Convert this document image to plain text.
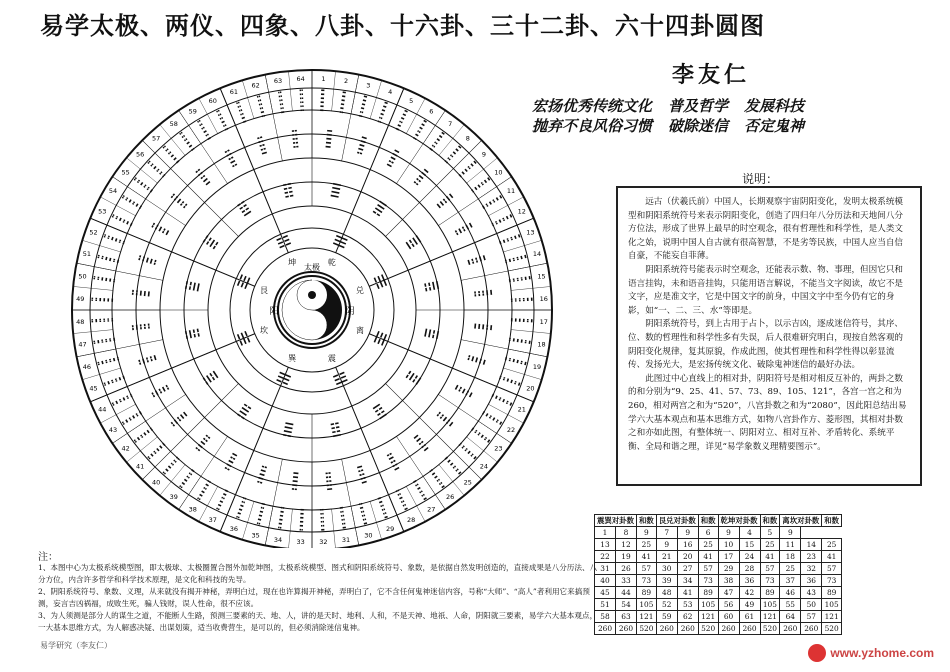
易学太极、两仪、四象、八卦、十六卦、三十二卦、六十四卦圆图
李友仁
宏扬优秀传统文化 普及哲学 发展科技
抛弃不良风俗习惯 破除迷信 否定鬼神
说明：

远古（伏羲氏前）中国人，长期观察宇宙阴阳变化，发明太极系统模型和阴阳系统符号来表示阴阳变化，创造了四归年八分历法和天地间八分方位法，形成了世界上最早的时空观念，很有哲理性和科学性，是人类文化之始，说明中国人自古就有很高智慧，不是劣等民族，中国人应当自信自豪，不能妄自菲薄。

阴阳系统符号能表示时空观念，还能表示数、物、事理，但因它只和语言挂钩，未和语音挂钩，只能用语言解说，不能当文字阅读，故它不是文字，应是准文字，它是中国文字的前身，中国文字中至今仍有它的身影，如“一、二、三、水”等即是。

阴阳系统符号，到上古用于占卜，以示吉凶，逐成迷信符号，其序、位、数的哲理性和科学性多有失误，后人很难研究明白，现按自然客观的阴阳变化规律，复其原貌，作成此图，使其哲理性和科学性得以彰显流传、发扬光大，是宏扬传统文化、破除鬼神迷信的最好办法。

此图过中心直线上的相对卦，阴阳符号是相对相反互补的，两卦之数的和分别为“9、25、41、57、73、89、105、121”，各宫一宫之和为260，相对两宫之和为“520”，八宫卦数之和为“2080”，因此阳总结出易学六大基本观点和基本思维方式，如物八宫卦作方、菱形图，其相对卦数之和亦如此图，有整体统一、阴阳对立、相对互补、矛盾转化、系统平衡、全局和谐之理，详见“易学象数义理精要图示”。

1	2
3
4
5
6
7
8
9
10
11
12
13
14
15
16
17
18
19
20
21
22
23
24
25
26
27
28
29
30
31
32
33
34
35
36
37
38
39
40
41
42
43
44
45
46
47
48
49
50
51
52
53
54
55
56
57
58
59
60
61
62
63 64
乾
兑
离
震
巽
坎
艮
坤
太极
阳	阴
注：

1、本图中心为太极系统模型图，即太极球、太极圈置合图外加乾坤图，太极系统模型、图式和阴阳系统符号、象数，是依据自然发明创造的，直接成果是八分历法、八分方位，内含许多哲学和科学技术原理，是文化和科技的先导。

2、阴阳系统符号、象数、义理，从来就没有揭开神秘，弄明白过，现在也许算揭开神秘，弄明白了，它不含任何鬼神迷信内容，号称“大师”、“高人”者利用它来搞预测，妄言吉凶祸福，成败生死，骗人钱财，误人性命，很不应该。

3、为人须测是部分人的谋生之道，不能断人生路，预测三要素的天、地、人，讲的是天时、地利、人和，不是天神、地祇、人命，阴阳就三要素，易学六大基本观点，一大基本思维方式，为人解惑决疑、出谋划策，适当收费营生，是可以的，但必须消除迷信鬼神。

震巽对卦数		和数	艮兑对卦数		和数	乾坤对卦数		和数	离坎对卦数		和数
1	8	9	7	9	6	9	4	5	9		
13	12	25	9	16	25	10	15	25	11	14	25
22	19	41	21	20	41	17	24	41	18	23	41
31	26	57	30	27	57	29	28	57	25	32	57
40	33	73	39	34	73	38	36	73	37	36	73
45	44	89	48	41	89	47	42	89	46	43	89
51	54	105	52	53	105	56	49	105	55	50	105
58	63	121	59	62	121	60	61	121	64	57	121
260	260	520	260	260	520	260	260	520	260	260	520
www.yzhome.com
易学研究（李友仁）
